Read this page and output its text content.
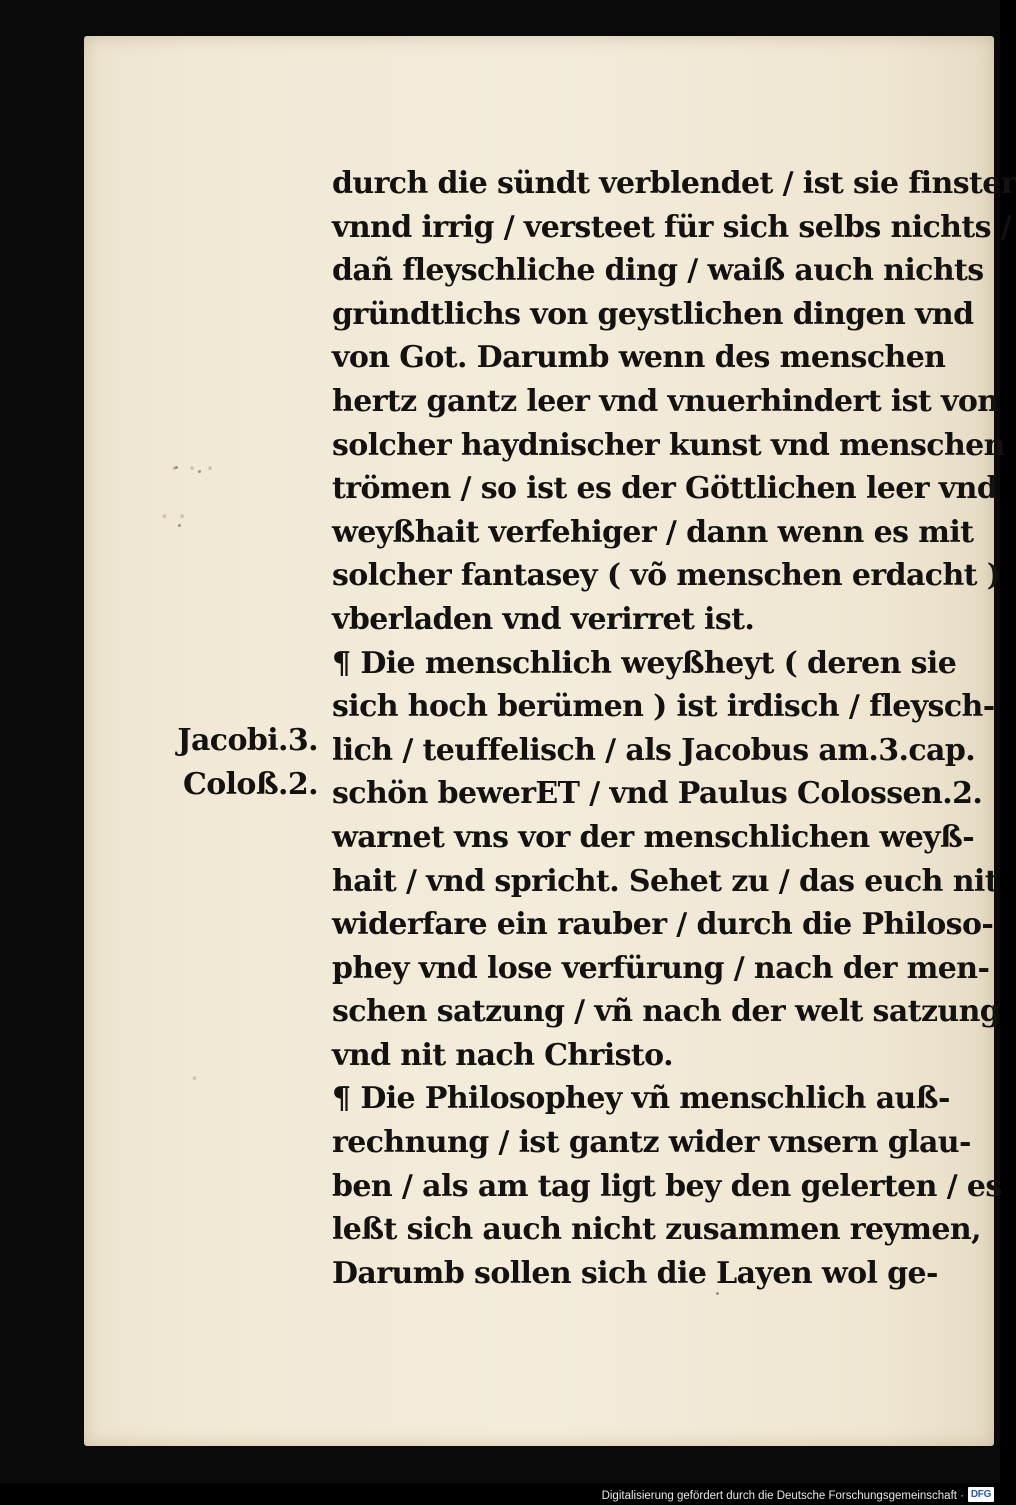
· · ·
· ·
·
durch die sündt verblendet / ist sie finster
vnnd irrig / versteet für sich selbs nichts /
dañ fleyschliche ding / waiß auch nichts
gründtlichs von geystlichen dingen vnd
von Got. Darumb wenn des menschen
hertz gantz leer vnd vnuerhindert ist von
solcher haydnischer kunst vnd menschen
trömen / so ist es der Göttlichen leer vnd
weyßhait verfehiger / dann wenn es mit
solcher fantasey ( võ menschen erdacht )
vberladen vnd verirret ist.
¶ Die menschlich weyßheyt ( deren sie
sich hoch berümen ) ist irdisch / fleysch-
lich / teuffelisch / als Jacobus am.3.cap.
schön bewerET / vnd Paulus Colossen.2.
warnet vns vor der menschlichen weyß-
hait / vnd spricht. Sehet zu / das euch nit
widerfare ein rauber / durch die Philoso-
phey vnd lose verfürung / nach der men-
schen satzung / vñ nach der welt satzung
vnd nit nach Christo.
¶ Die Philosophey vñ menschlich auß-
rechnung / ist gantz wider vnsern glau-
ben / als am tag ligt bey den gelerten / es
leßt sich auch nicht zusammen reymen,
Darumb sollen sich die Layen wol ge-
Jacobi.3.
Coloß.2.
Digitalisierung gefördert durch die Deutsche Forschungsgemeinschaft · DFG
